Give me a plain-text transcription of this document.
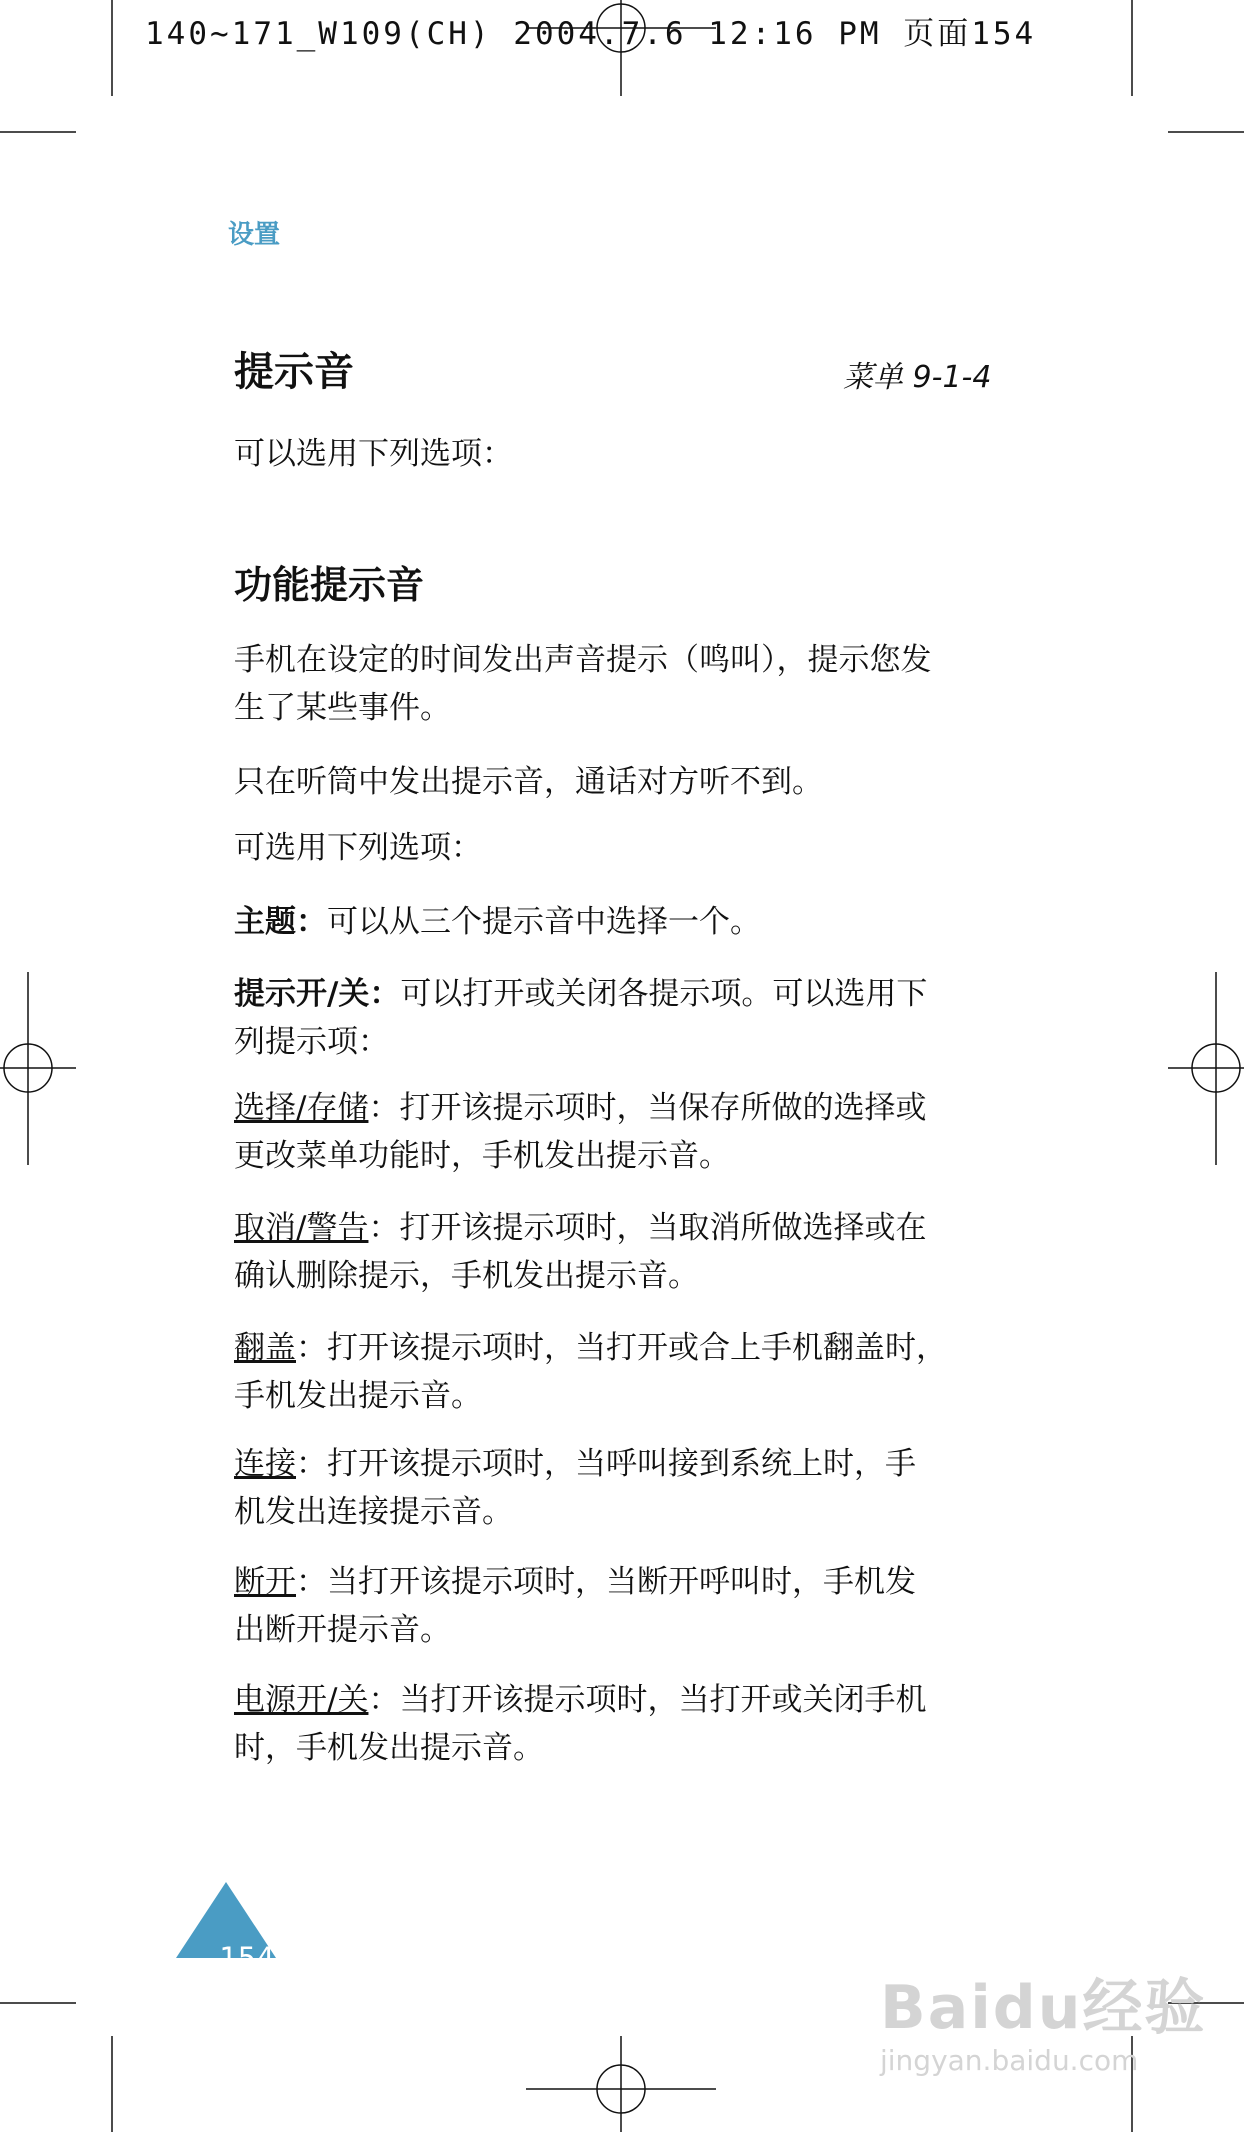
140~171_W109(CH) 2004.7.6 12:16 PM 页面154
设置
提示音	菜单 9-1-4
可以选用下列选项：
功能提示音
手机在设定的时间发出声音提示（鸣叫），提示您发
生了某些事件。
只在听筒中发出提示音，通话对方听不到。
可选用下列选项：
主题：可以从三个提示音中选择一个。
提示开/关：可以打开或关闭各提示项。可以选用下
列提示项：
选择/存储：打开该提示项时，当保存所做的选择或
更改菜单功能时，手机发出提示音。
取消/警告：打开该提示项时，当取消所做选择或在
确认删除提示，手机发出提示音。
翻盖：打开该提示项时，当打开或合上手机翻盖时，
手机发出提示音。
连接：打开该提示项时，当呼叫接到系统上时，手
机发出连接提示音。
断开：当打开该提示项时，当断开呼叫时，手机发
出断开提示音。
电源开/关：当打开该提示项时，当打开或关闭手机
时，手机发出提示音。
154
Baidu经验
jingyan.baidu.com
